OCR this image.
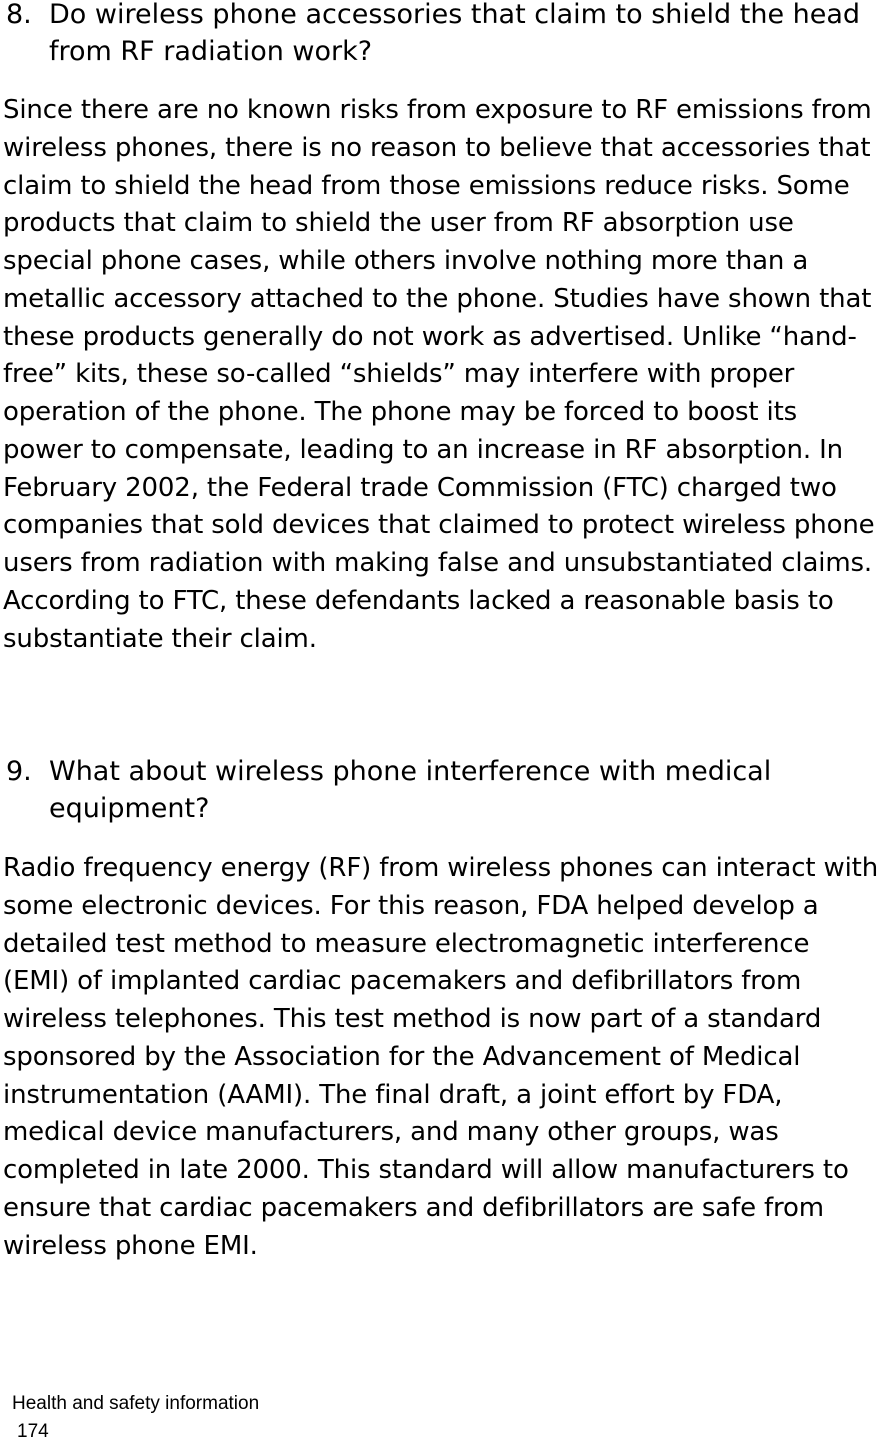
8. Do wireless phone accessories that claim to shield the head from RF radiation work?

Since there are no known risks from exposure to RF emissions from wireless phones, there is no reason to believe that accessories that claim to shield the head from those emissions reduce risks. Some products that claim to shield the user from RF absorption use special phone cases, while others involve nothing more than a metallic accessory attached to the phone. Studies have shown that these products generally do not work as advertised. Unlike “hand-free” kits, these so-called “shields” may interfere with proper operation of the phone. The phone may be forced to boost its power to compensate, leading to an increase in RF absorption. In February 2002, the Federal trade Commission (FTC) charged two companies that sold devices that claimed to protect wireless phone users from radiation with making false and unsubstantiated claims. According to FTC, these defendants lacked a reasonable basis to substantiate their claim.

9. What about wireless phone interference with medical equipment?

Radio frequency energy (RF) from wireless phones can interact with some electronic devices. For this reason, FDA helped develop a detailed test method to measure electromagnetic interference (EMI) of implanted cardiac pacemakers and defibrillators from wireless telephones. This test method is now part of a standard sponsored by the Association for the Advancement of Medical instrumentation (AAMI). The final draft, a joint effort by FDA, medical device manufacturers, and many other groups, was completed in late 2000. This standard will allow manufacturers to ensure that cardiac pacemakers and defibrillators are safe from wireless phone EMI.

Health and safety information
174
